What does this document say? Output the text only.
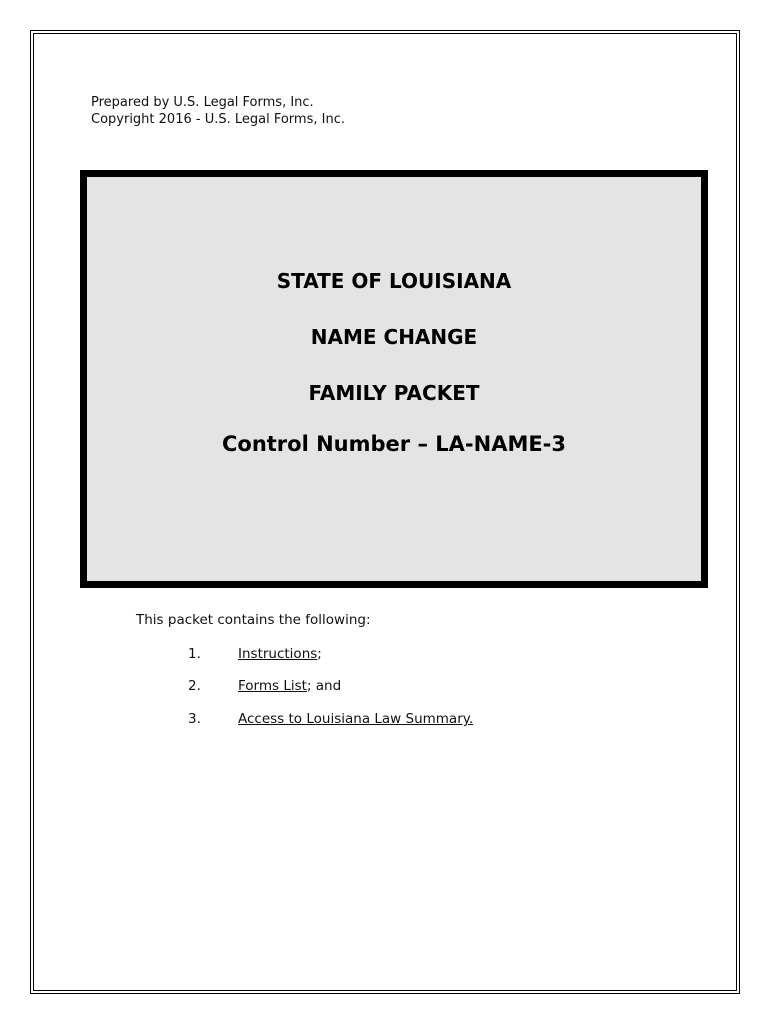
Prepared by U.S. Legal Forms, Inc.
Copyright 2016 - U.S. Legal Forms, Inc.
STATE OF LOUISIANA
NAME CHANGE
FAMILY PACKET
Control Number – LA-NAME-3
This packet contains the following:
1.	Instructions;
2.	Forms List; and
3.	Access to Louisiana Law Summary.
